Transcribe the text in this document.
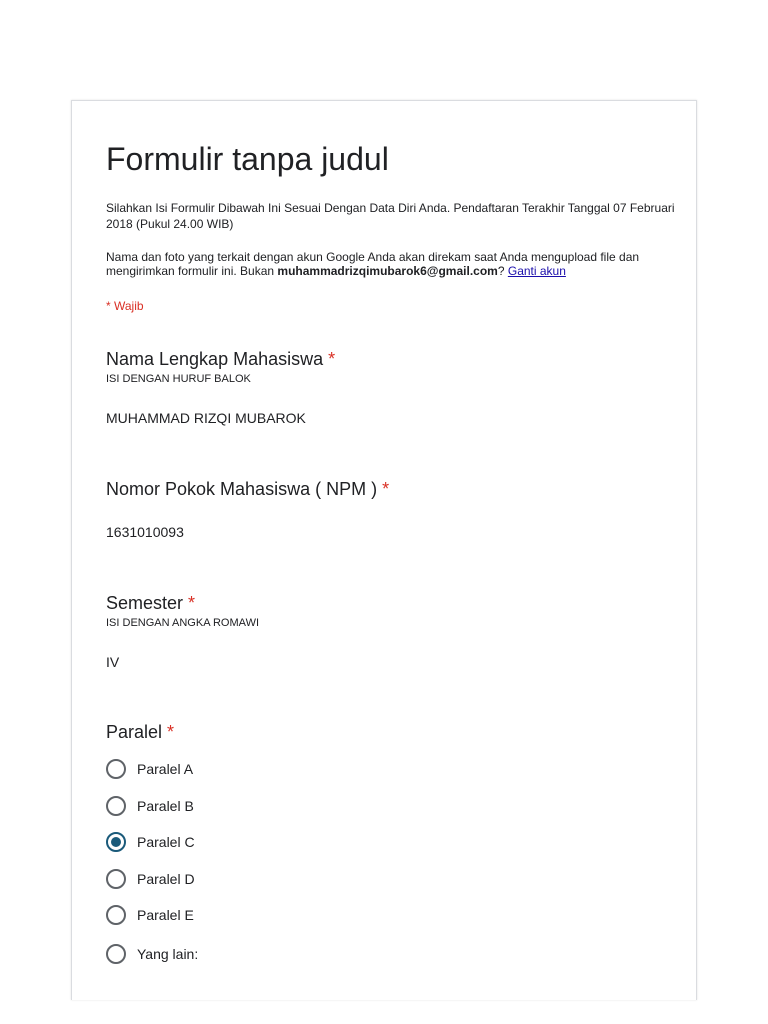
Formulir tanpa judul
Silahkan Isi Formulir Dibawah Ini Sesuai Dengan Data Diri Anda. Pendaftaran Terakhir Tanggal 07 Februari 2018 (Pukul 24.00 WIB)
Nama dan foto yang terkait dengan akun Google Anda akan direkam saat Anda mengupload file dan mengirimkan formulir ini. Bukan muhammadrizqimubarok6@gmail.com? Ganti akun
* Wajib
Nama Lengkap Mahasiswa *
ISI DENGAN HURUF BALOK
MUHAMMAD RIZQI MUBAROK
Nomor Pokok Mahasiswa ( NPM ) *
1631010093
Semester *
ISI DENGAN ANGKA ROMAWI
IV
Paralel *
Paralel A
Paralel B
Paralel C
Paralel D
Paralel E
Yang lain:
